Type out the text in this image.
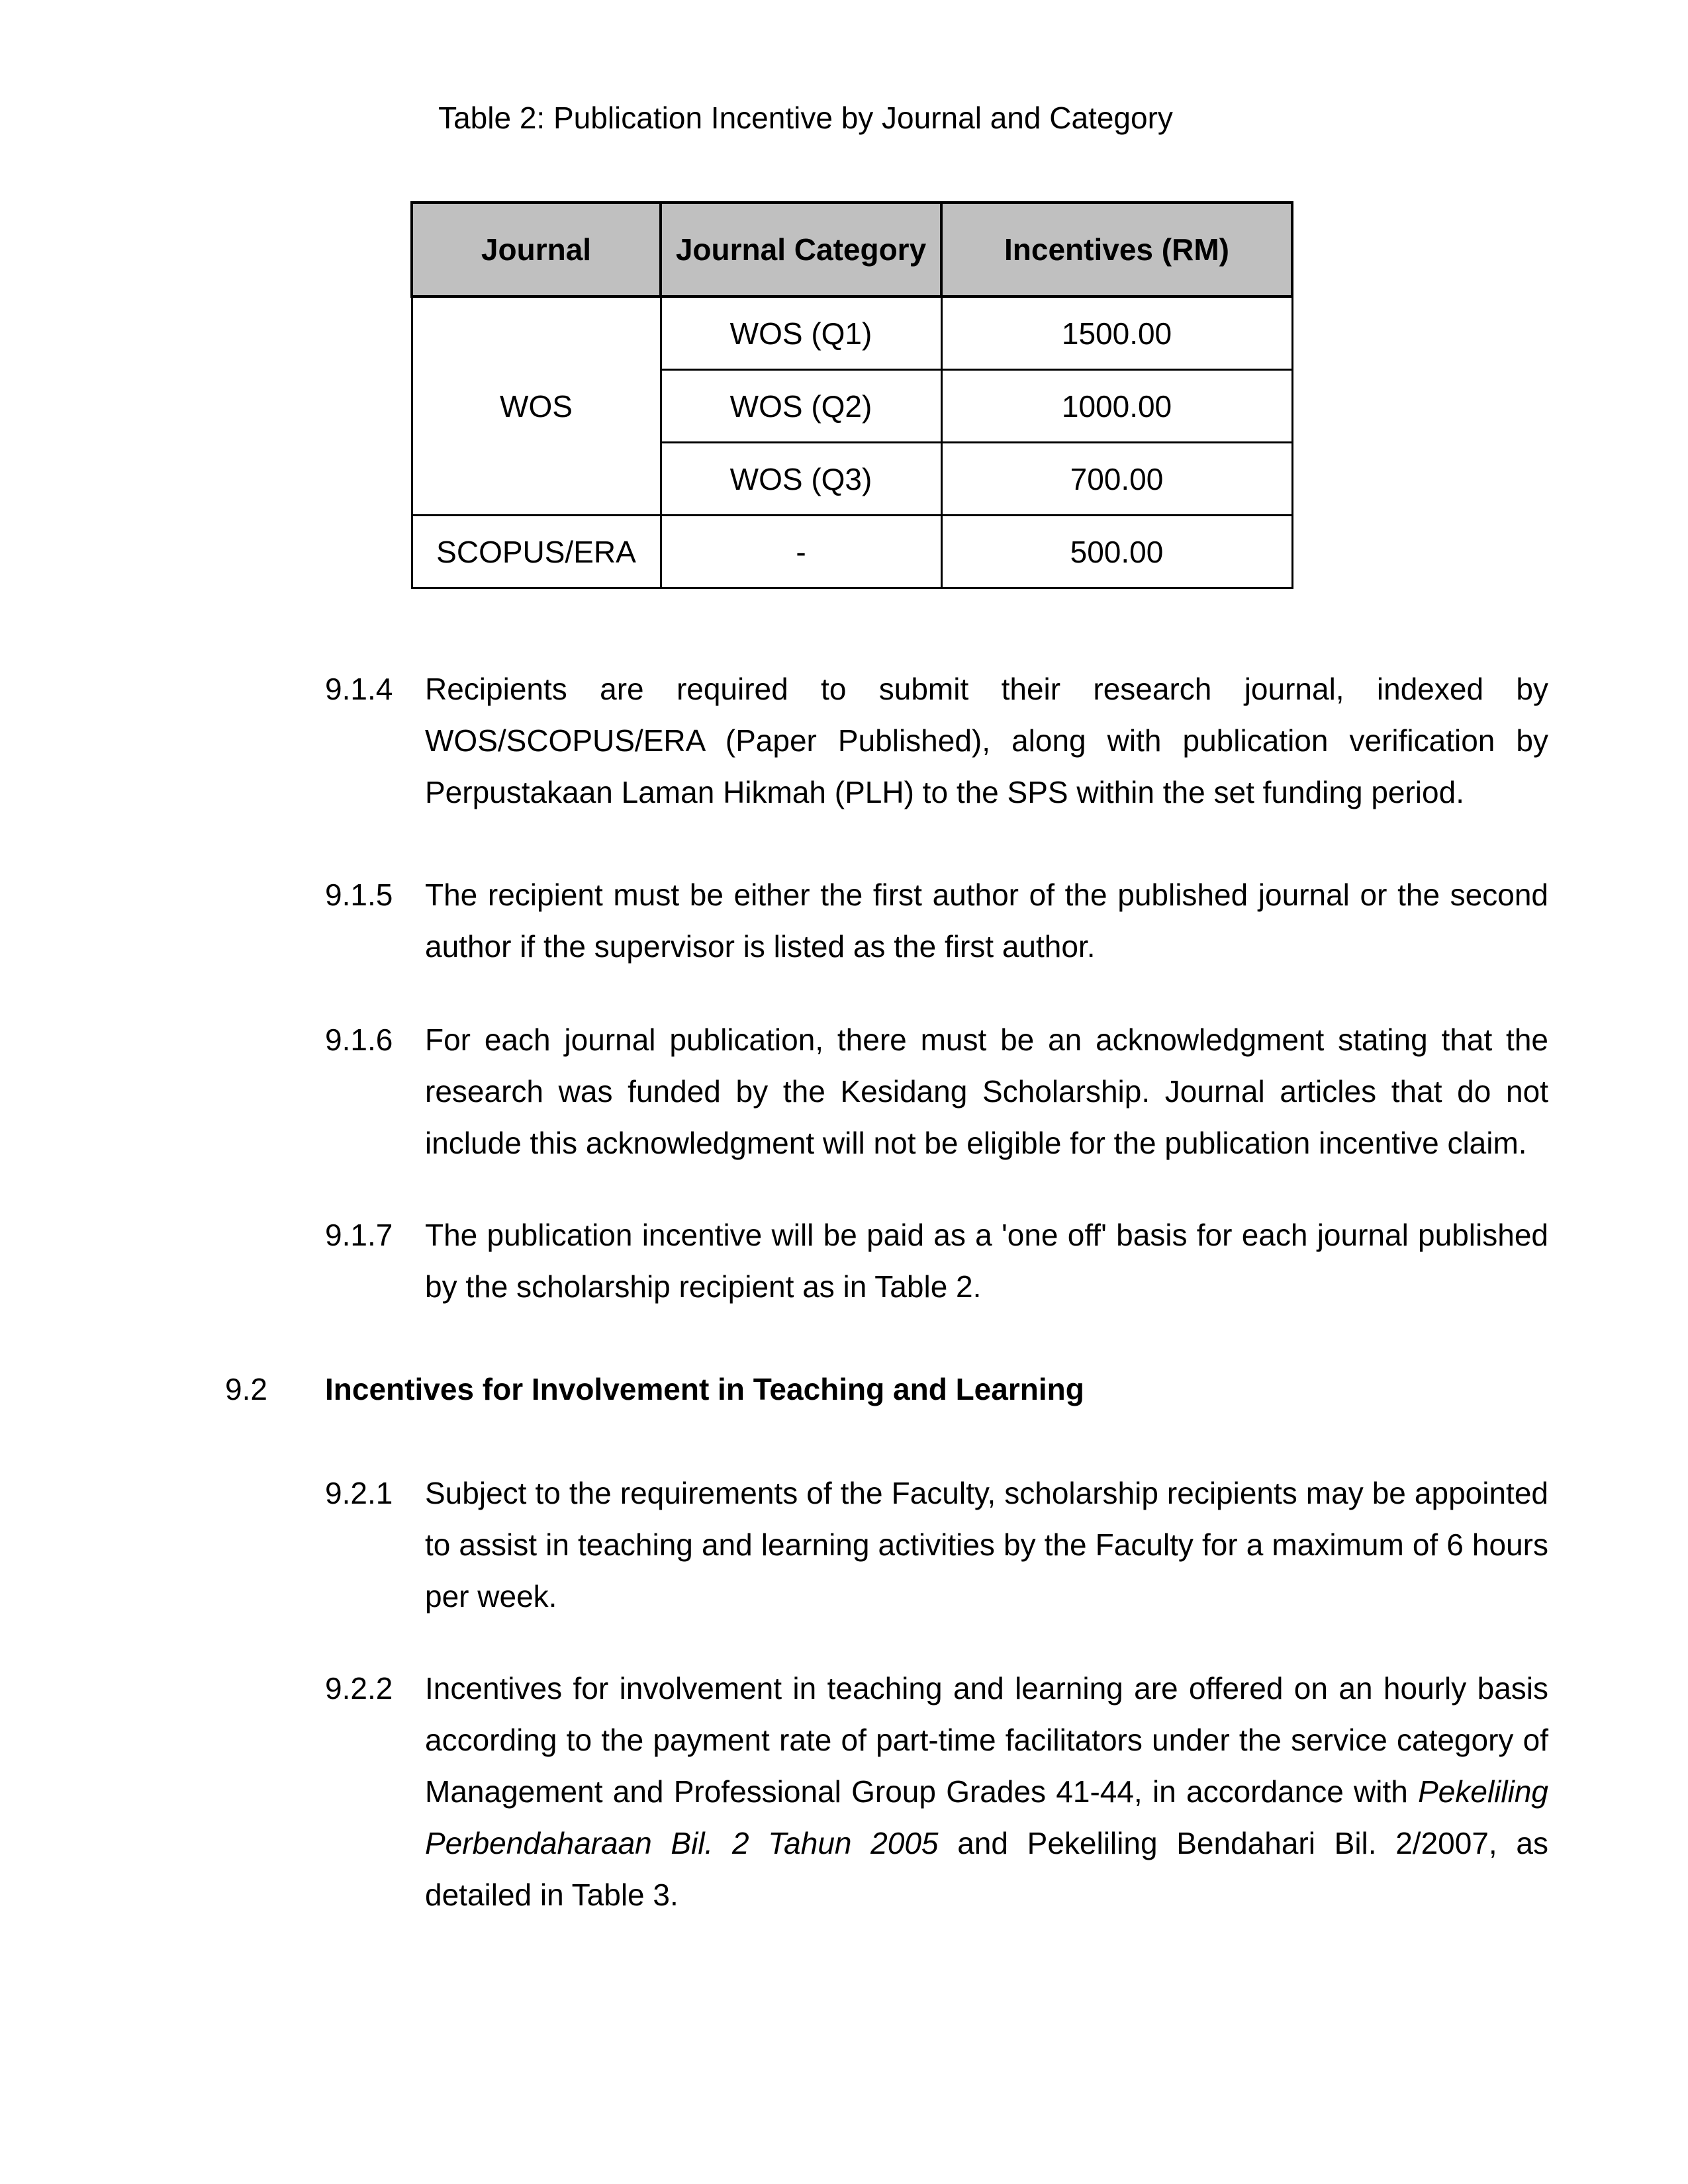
Table 2: Publication Incentive by Journal and Category
Journal	Journal Category	Incentives (RM)
WOS	WOS (Q1)	1500.00
	WOS (Q2)	1000.00
	WOS (Q3)	700.00
SCOPUS/ERA	-	500.00
9.1.4 Recipients are required to submit their research journal, indexed by WOS/SCOPUS/ERA (Paper Published), along with publication verification by Perpustakaan Laman Hikmah (PLH) to the SPS within the set funding period.
9.1.5 The recipient must be either the first author of the published journal or the second author if the supervisor is listed as the first author.
9.1.6 For each journal publication, there must be an acknowledgment stating that the research was funded by the Kesidang Scholarship. Journal articles that do not include this acknowledgment will not be eligible for the publication incentive claim.
9.1.7 The publication incentive will be paid as a 'one off' basis for each journal published by the scholarship recipient as in Table 2.
9.2 Incentives for Involvement in Teaching and Learning
9.2.1 Subject to the requirements of the Faculty, scholarship recipients may be appointed to assist in teaching and learning activities by the Faculty for a maximum of 6 hours per week.
9.2.2 Incentives for involvement in teaching and learning are offered on an hourly basis according to the payment rate of part-time facilitators under the service category of Management and Professional Group Grades 41-44, in accordance with Pekeliling Perbendaharaan Bil. 2 Tahun 2005 and Pekeliling Bendahari Bil. 2/2007, as detailed in Table 3.
